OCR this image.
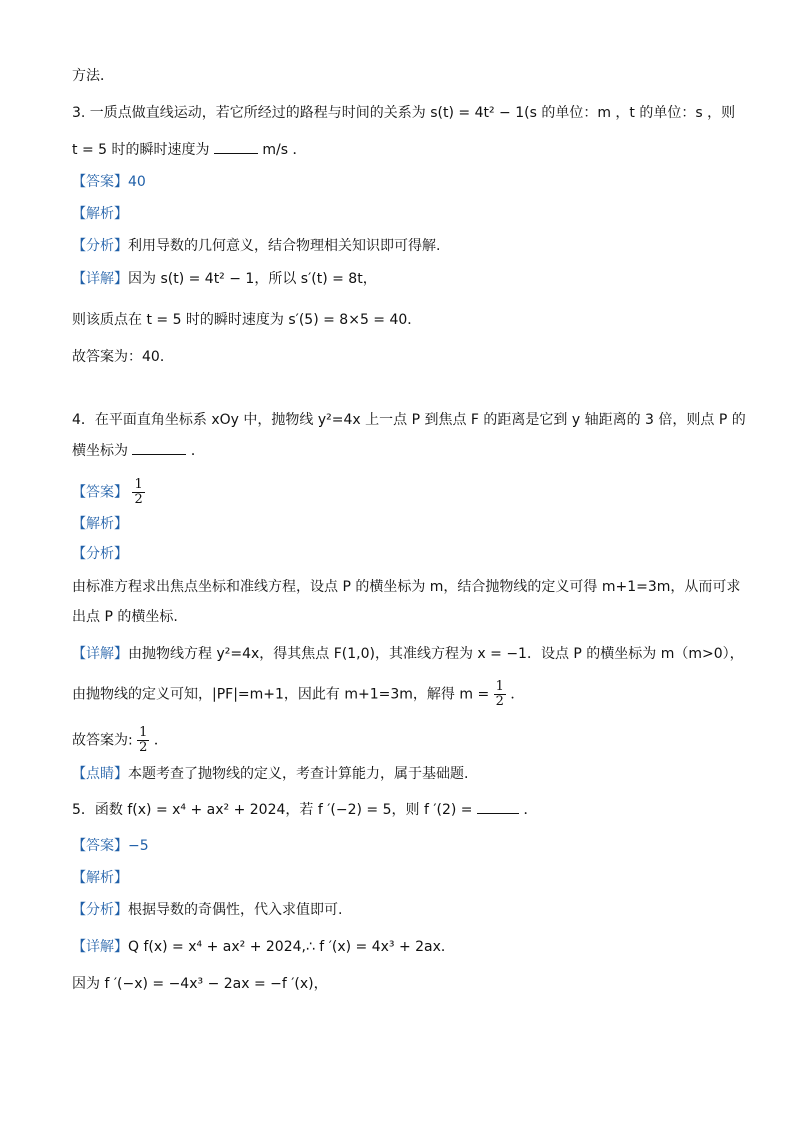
方法．
3. 一质点做直线运动，若它所经过的路程与时间的关系为 s(t) = 4t² − 1(s 的单位：m ，t 的单位：s ，则
t = 5 时的瞬时速度为	m/s ．
【答案】40
【解析】
【分析】利用导数的几何意义，结合物理相关知识即可得解.
【详解】因为 s(t) = 4t² − 1，所以 s′(t) = 8t，
则该质点在 t = 5 时的瞬时速度为 s′(5) = 8×5 = 40．
故答案为：40．
4．在平面直角坐标系 xOy 中，抛物线 y²=4x 上一点 P 到焦点 F 的距离是它到 y 轴距离的 3 倍，则点 P 的
横坐标为	．
【答案】 $\frac{1}{2}$
【解析】
【分析】
由标准方程求出焦点坐标和准线方程，设点 P 的横坐标为 m，结合抛物线的定义可得 m+1=3m，从而可求
出点 P 的横坐标.
【详解】由抛物线方程 y²=4x，得其焦点 F(1,0)，其准线方程为 x = −1．设点 P 的横坐标为 m（m>0），
由抛物线的定义可知，|PF|=m+1，因此有 m+1=3m，解得 $m = \frac{1}{2}$ ．
故答案为: $\frac{1}{2}$ ．
【点睛】本题考查了抛物线的定义，考查计算能力，属于基础题.
5．函数 f(x) = x⁴ + ax² + 2024，若 f ′(−2) = 5，则 f ′(2) =	．
【答案】−5
【解析】
【分析】根据导数的奇偶性，代入求值即可.
【详解】Q f(x) = x⁴ + ax² + 2024,∴ f ′(x) = 4x³ + 2ax．
因为 f ′(−x) = −4x³ − 2ax = −f ′(x)，
